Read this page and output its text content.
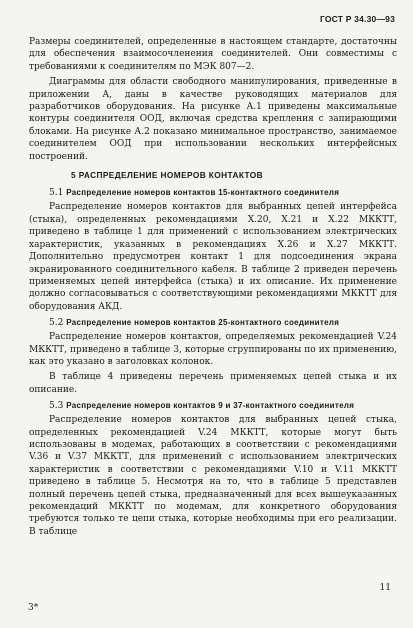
ГОСТ Р 34.30—93

Размеры соединителей, определенные в настоящем стандарте, достаточны для обеспечения взаимосочленения соединителей. Они совместимы с требованиями к соединителям по МЭК 807—2.

Диаграммы для области свободного манипулирования, приведенные в приложении А, даны в качестве руководящих материалов для разработчиков оборудования. На рисунке А.1 приведены максимальные контуры соединителя ООД, включая средства крепления с запирающими блоками. На рисунке А.2 показано минимальное пространство, занимаемое соединителем ООД при использовании нескольких интерфейсных построений.

5 РАСПРЕДЕЛЕНИЕ НОМЕРОВ КОНТАКТОВ
5.1 Распределение номеров контактов 15-контактного соединителя

Распределение номеров контактов для выбранных цепей интерфейса (стыка), определенных рекомендациями Х.20, Х.21 и Х.22 МККТТ, приведено в таблице 1 для применений с использованием электрических характеристик, указанных в рекомендациях Х.26 и Х.27 МККТТ. Дополнительно предусмотрен контакт 1 для подсоединения экрана экранированного соединительного кабеля. В таблице 2 приведен перечень применяемых цепей интерфейса (стыка) и их описание. Их применение должно согласовываться с соответствующими рекомендациями МККТТ для оборудования АКД.

5.2 Распределение номеров контактов 25-контактного соединителя

Распределение номеров контактов, определяемых рекомендацией V.24 МККТТ, приведено в таблице 3, которые сгруппированы по их применению, как это указано в заголовках колонок.

В таблице 4 приведены перечень применяемых цепей стыка и их описание.

5.3 Распределение номеров контактов 9 и 37-контактного соединителя

Распределение номеров контактов для выбранных цепей стыка, определенных рекомендацией V.24 МККТТ, которые могут быть использованы в модемах, работающих в соответствии с рекомендациями V.36 и V.37 МККТТ, для применений с использованием электрических характеристик в соответствии с рекомендациями V.10 и V.11 МККТТ приведено в таблице 5. Несмотря на то, что в таблице 5 представлен полный перечень цепей стыка, предназначенный для всех вышеуказанных рекомендаций МККТТ по модемам, для конкретного оборудования требуются только те цепи стыка, которые необходимы при его реализации. В таблице

11
3*
